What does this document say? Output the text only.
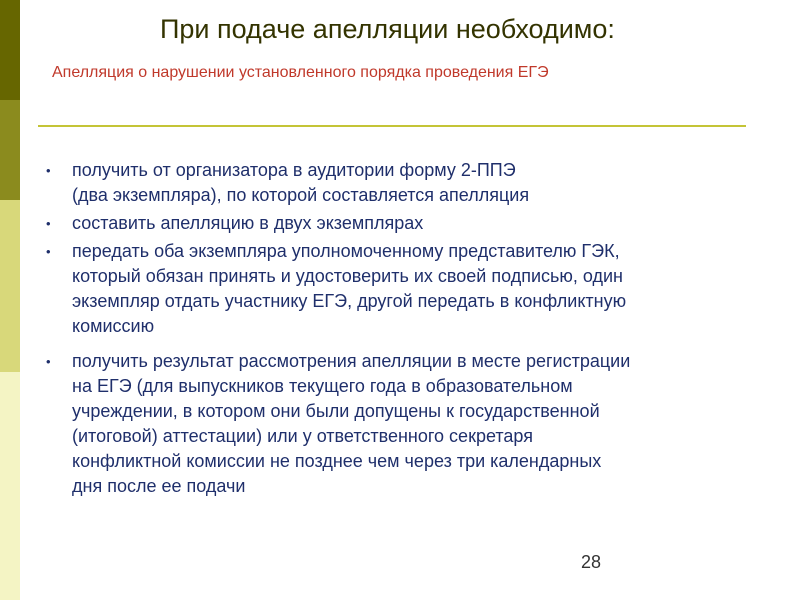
При подаче апелляции необходимо:
Апелляция о нарушении установленного порядка проведения ЕГЭ
• получить от организатора в аудитории форму 2-ППЭ
(два экземпляра), по которой составляется апелляция
• составить апелляцию в двух экземплярах
• передать оба экземпляра уполномоченному представителю ГЭК,
который обязан принять и удостоверить их своей подписью, один
экземпляр отдать участнику ЕГЭ, другой передать в конфликтную
комиссию
• получить результат рассмотрения апелляции в месте регистрации
на ЕГЭ (для выпускников текущего года в образовательном
учреждении, в котором они были допущены к государственной
(итоговой) аттестации) или у ответственного секретаря
конфликтной комиссии не позднее чем через три календарных
дня после ее подачи
28
